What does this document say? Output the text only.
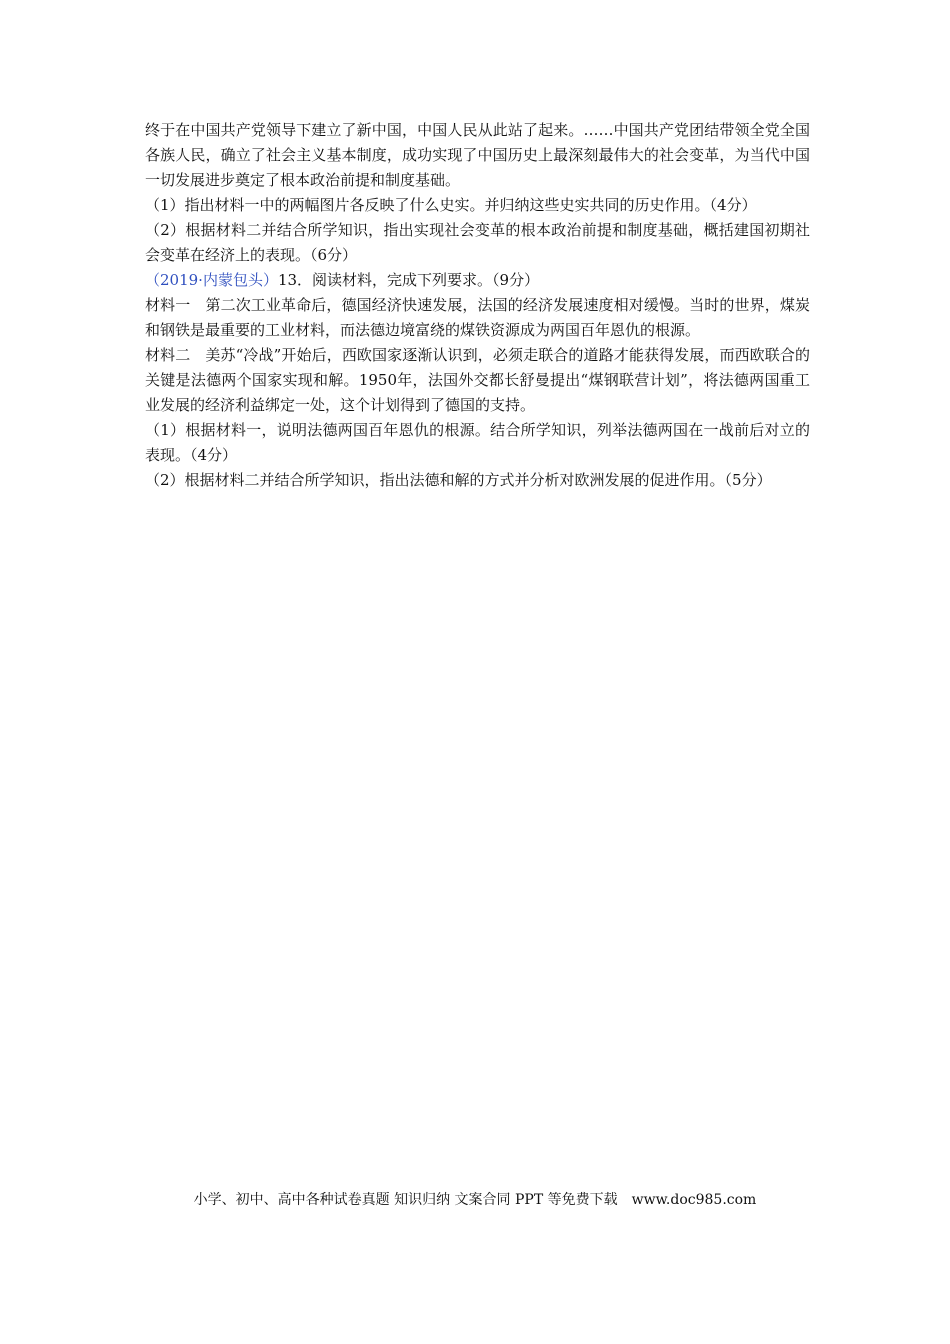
终于在中国共产党领导下建立了新中国，中国人民从此站了起来。……中国共产党团结带领全党全国各族人民，确立了社会主义基本制度，成功实现了中国历史上最深刻最伟大的社会变革，为当代中国一切发展进步奠定了根本政治前提和制度基础。

（1）指出材料一中的两幅图片各反映了什么史实。并归纳这些史实共同的历史作用。（4分）

（2）根据材料二并结合所学知识，指出实现社会变革的根本政治前提和制度基础，概括建国初期社会变革在经济上的表现。（6分）

（2019·内蒙包头）13．阅读材料，完成下列要求。（9分）

材料一　第二次工业革命后，德国经济快速发展，法国的经济发展速度相对缓慢。当时的世界，煤炭和钢铁是最重要的工业材料，而法德边境富绕的煤铁资源成为两国百年恩仇的根源。

材料二　美苏“冷战”开始后，西欧国家逐渐认识到，必须走联合的道路才能获得发展，而西欧联合的关键是法德两个国家实现和解。1950年，法国外交都长舒曼提出“煤钢联营计划”，将法德两国重工业发展的经济利益绑定一处，这个计划得到了德国的支持。

（1）根据材料一，说明法德两国百年恩仇的根源。结合所学知识，列举法德两国在一战前后对立的表现。（4分）

（2）根据材料二并结合所学知识，指出法德和解的方式并分析对欧洲发展的促进作用。（5分）

小学、初中、高中各种试卷真题 知识归纳 文案合同 PPT 等免费下载　www.doc985.com
